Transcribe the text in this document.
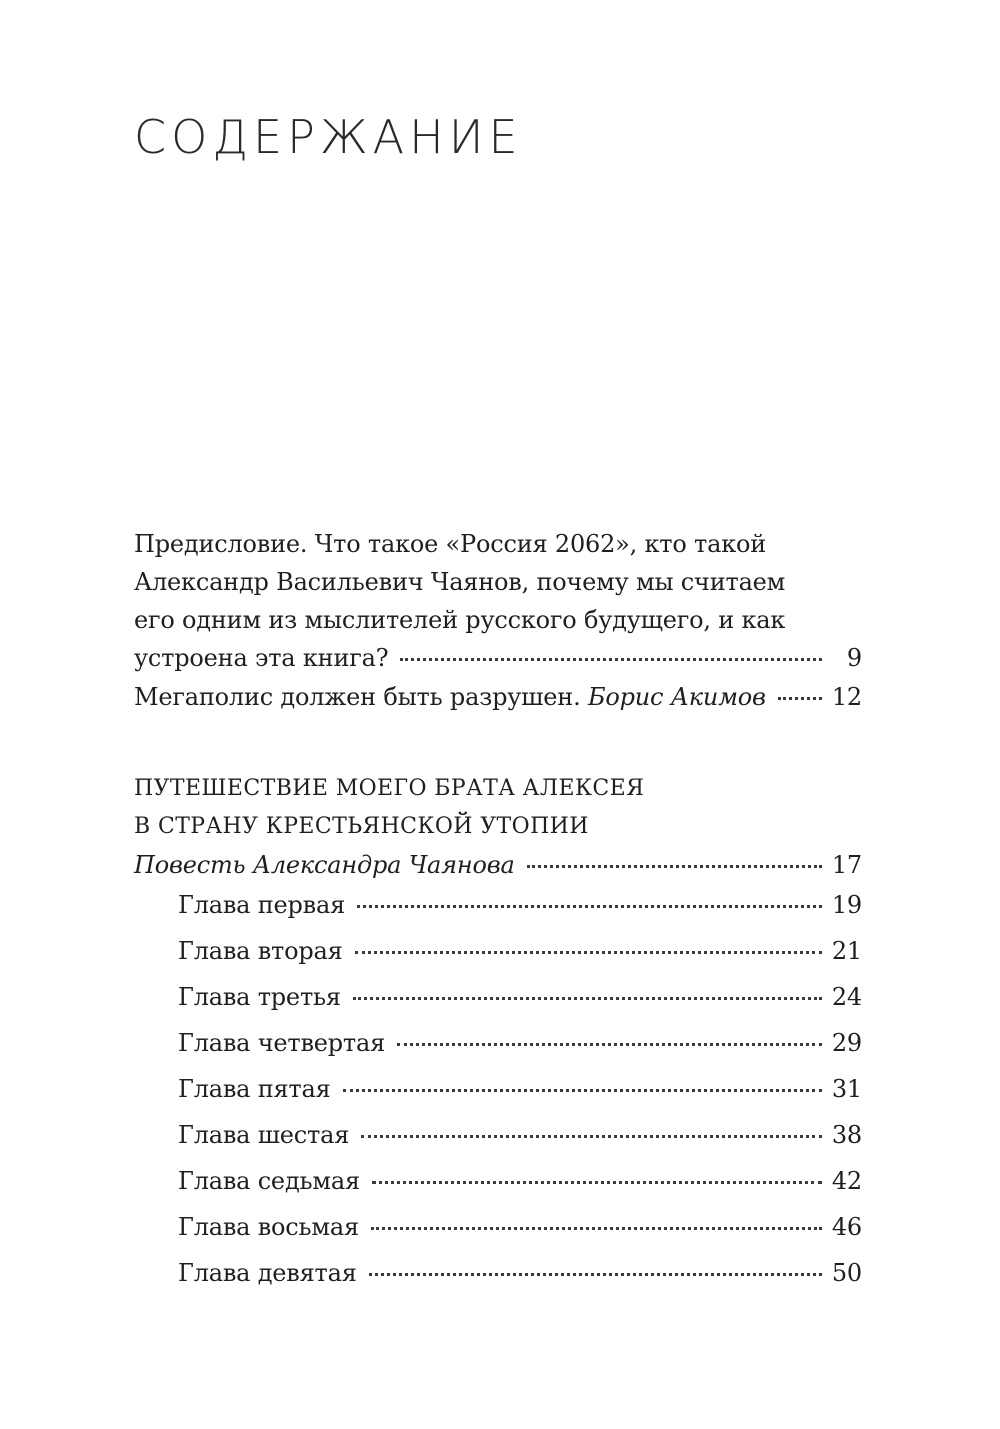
СОДЕРЖАНИЕ
Предисловие. Что такое «Россия 2062», кто такой
Александр Васильевич Чаянов, почему мы считаем
его одним из мыслителей русского будущего, и как
устроена эта книга?	9
Мегаполис должен быть разрушен. Борис Акимов	12
ПУТЕШЕСТВИЕ МОЕГО БРАТА АЛЕКСЕЯ
В СТРАНУ КРЕСТЬЯНСКОЙ УТОПИИ
Повесть Александра Чаянова	17
Глава первая	19
Глава вторая	21
Глава третья	24
Глава четвертая	29
Глава пятая	31
Глава шестая	38
Глава седьмая	42
Глава восьмая	46
Глава девятая	50
